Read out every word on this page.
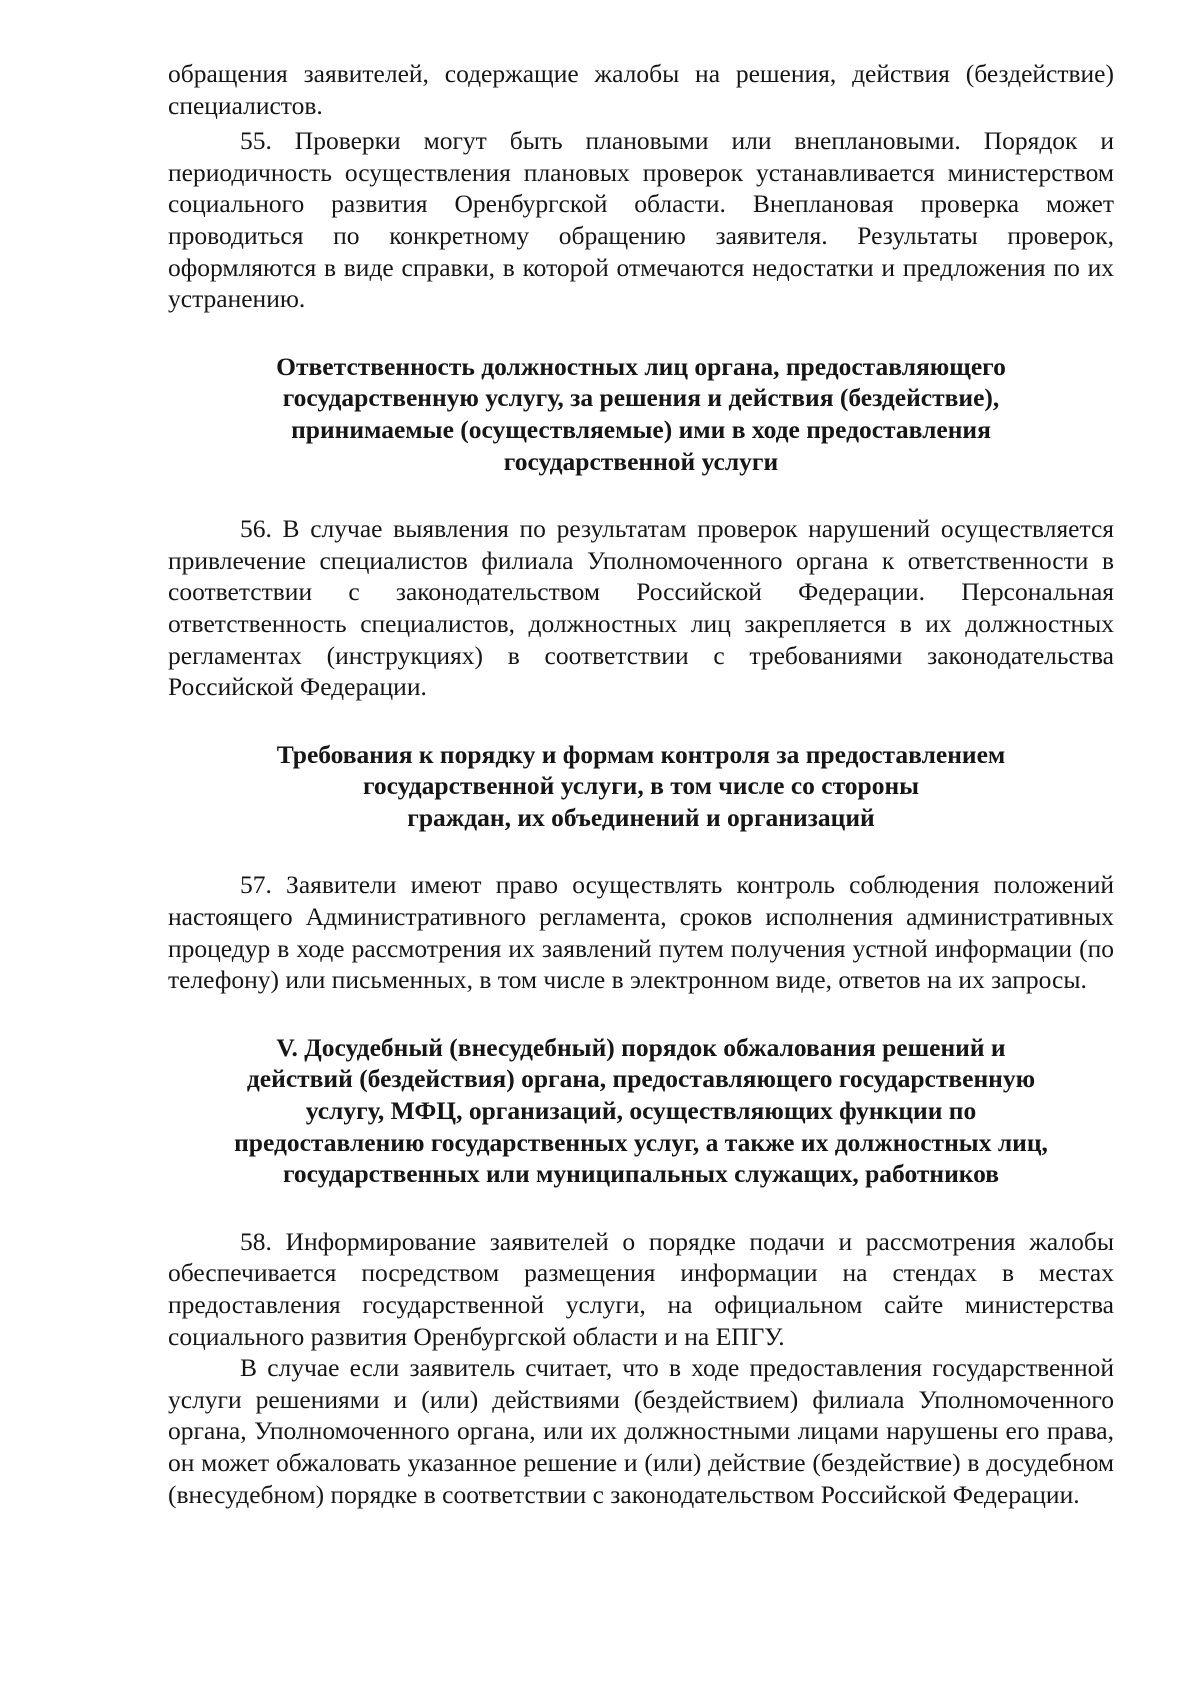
обращения заявителей, содержащие жалобы на решения, действия (бездействие) специалистов.

55. Проверки могут быть плановыми или внеплановыми. Порядок и периодичность осуществления плановых проверок устанавливается министерством социального развития Оренбургской области. Внеплановая проверка может проводиться по конкретному обращению заявителя. Результаты проверок, оформляются в виде справки, в которой отмечаются недостатки и предложения по их устранению.

Ответственность должностных лиц органа, предоставляющего
государственную услугу, за решения и действия (бездействие),
принимаемые (осуществляемые) ими в ходе предоставления
государственной услуги

56. В случае выявления по результатам проверок нарушений осуществляется привлечение специалистов филиала Уполномоченного органа к ответственности в соответствии с законодательством Российской Федерации. Персональная ответственность специалистов, должностных лиц закрепляется в их должностных регламентах (инструкциях) в соответствии с требованиями законодательства Российской Федерации.

Требования к порядку и формам контроля за предоставлением
государственной услуги, в том числе со стороны
граждан, их объединений и организаций

57. Заявители имеют право осуществлять контроль соблюдения положений настоящего Административного регламента, сроков исполнения административных процедур в ходе рассмотрения их заявлений путем получения устной информации (по телефону) или письменных, в том числе в электронном виде, ответов на их запросы.

V. Досудебный (внесудебный) порядок обжалования решений и
действий (бездействия) органа, предоставляющего государственную
услугу, МФЦ, организаций, осуществляющих функции по
предоставлению государственных услуг, а также их должностных лиц,
государственных или муниципальных служащих, работников

58. Информирование заявителей о порядке подачи и рассмотрения жалобы обеспечивается посредством размещения информации на стендах в местах предоставления государственной услуги, на официальном сайте министерства социального развития Оренбургской области и на ЕПГУ.

В случае если заявитель считает, что в ходе предоставления государственной услуги решениями и (или) действиями (бездействием) филиала Уполномоченного органа, Уполномоченного органа, или их должностными лицами нарушены его права, он может обжаловать указанное решение и (или) действие (бездействие) в досудебном (внесудебном) порядке в соответствии с законодательством Российской Федерации.
